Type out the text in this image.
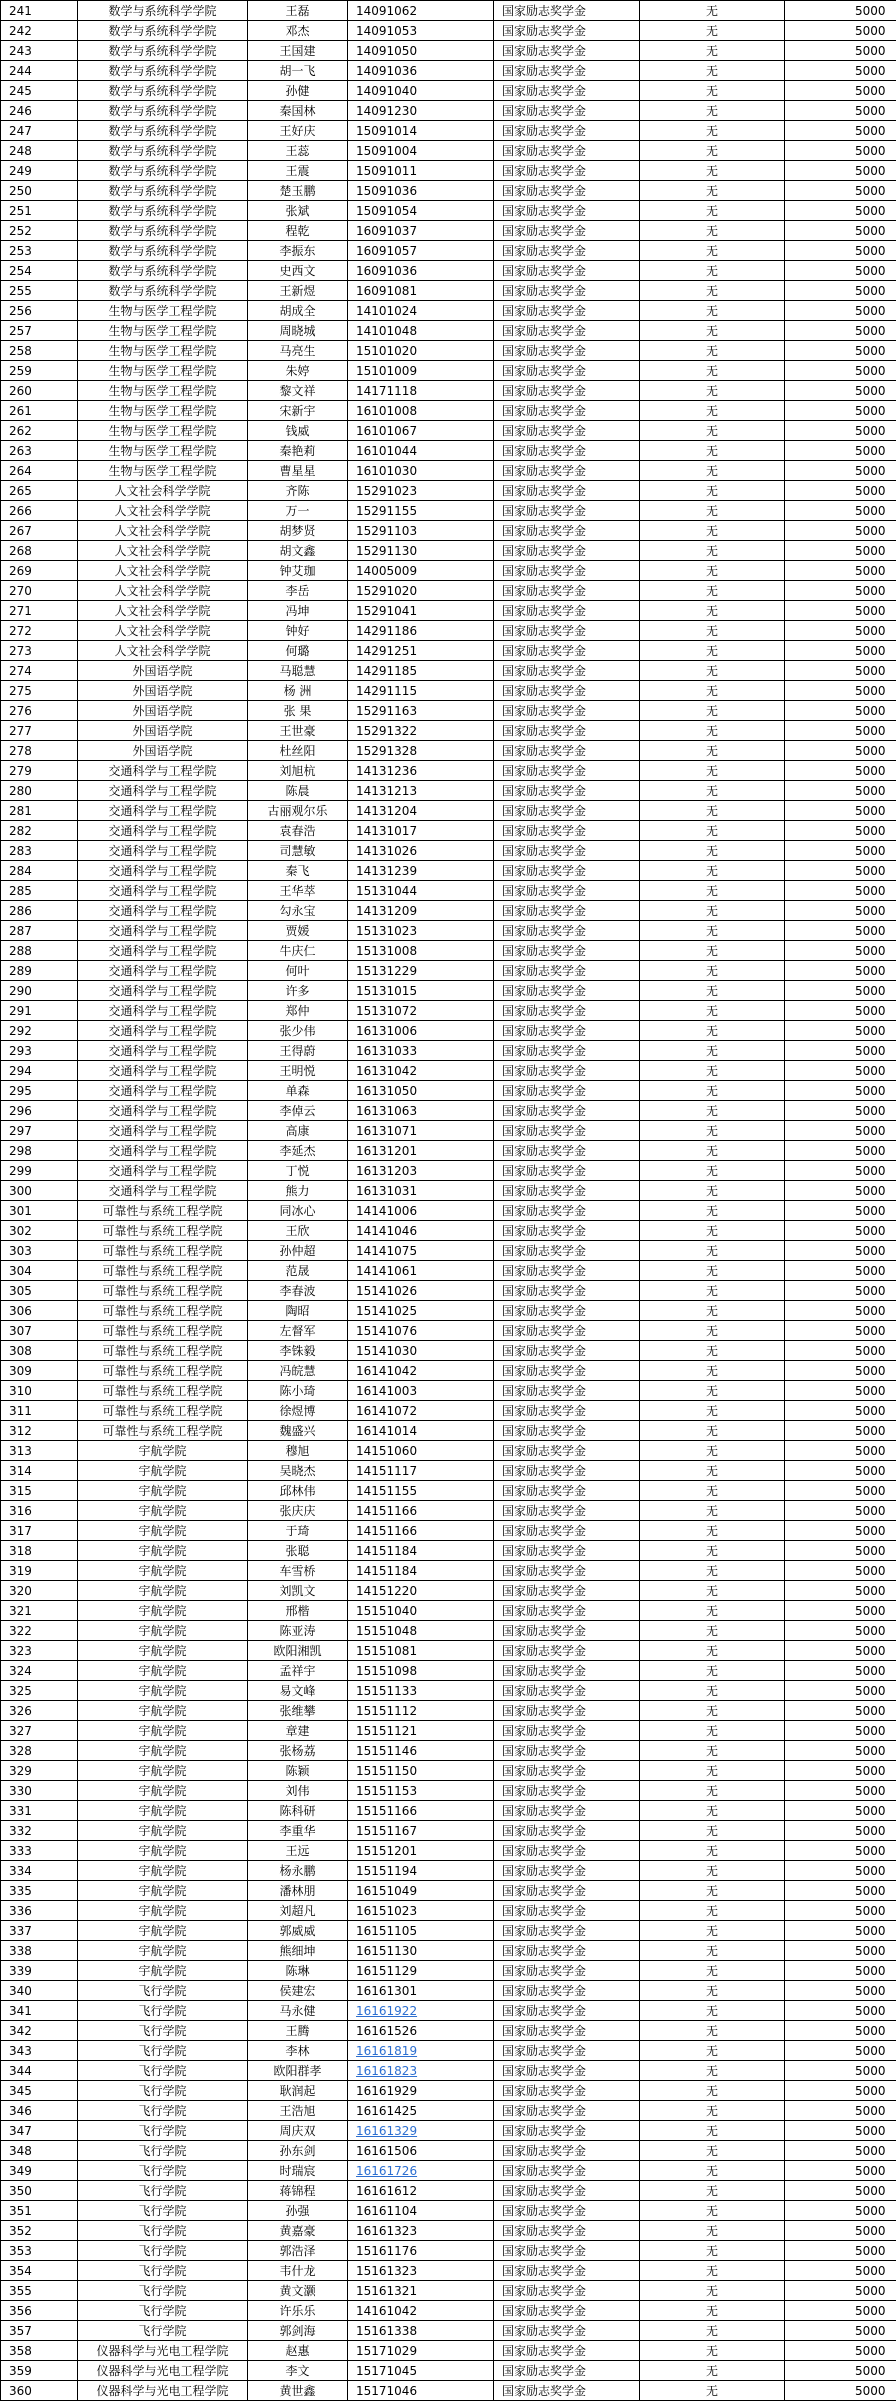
241	数学与系统科学学院	王磊	14091062	国家励志奖学金	无	5000	
242	数学与系统科学学院	邓杰	14091053	国家励志奖学金	无	5000	
243	数学与系统科学学院	王国建	14091050	国家励志奖学金	无	5000	
244	数学与系统科学学院	胡一飞	14091036	国家励志奖学金	无	5000	
245	数学与系统科学学院	孙健	14091040	国家励志奖学金	无	5000	
246	数学与系统科学学院	秦国林	14091230	国家励志奖学金	无	5000	
247	数学与系统科学学院	王好庆	15091014	国家励志奖学金	无	5000	
248	数学与系统科学学院	王蕊	15091004	国家励志奖学金	无	5000	
249	数学与系统科学学院	王震	15091011	国家励志奖学金	无	5000	
250	数学与系统科学学院	楚玉鹏	15091036	国家励志奖学金	无	5000	
251	数学与系统科学学院	张斌	15091054	国家励志奖学金	无	5000	
252	数学与系统科学学院	程乾	16091037	国家励志奖学金	无	5000	
253	数学与系统科学学院	李振东	16091057	国家励志奖学金	无	5000	
254	数学与系统科学学院	史西文	16091036	国家励志奖学金	无	5000	
255	数学与系统科学学院	王新煜	16091081	国家励志奖学金	无	5000	
256	生物与医学工程学院	胡成全	14101024	国家励志奖学金	无	5000	
257	生物与医学工程学院	周晓城	14101048	国家励志奖学金	无	5000	
258	生物与医学工程学院	马亮生	15101020	国家励志奖学金	无	5000	
259	生物与医学工程学院	朱婷	15101009	国家励志奖学金	无	5000	
260	生物与医学工程学院	黎文祥	14171118	国家励志奖学金	无	5000	
261	生物与医学工程学院	宋新宇	16101008	国家励志奖学金	无	5000	
262	生物与医学工程学院	钱威	16101067	国家励志奖学金	无	5000	
263	生物与医学工程学院	秦艳莉	16101044	国家励志奖学金	无	5000	
264	生物与医学工程学院	曹星星	16101030	国家励志奖学金	无	5000	
265	人文社会科学学院	齐陈	15291023	国家励志奖学金	无	5000	
266	人文社会科学学院	万一	15291155	国家励志奖学金	无	5000	
267	人文社会科学学院	胡梦贤	15291103	国家励志奖学金	无	5000	
268	人文社会科学学院	胡文鑫	15291130	国家励志奖学金	无	5000	
269	人文社会科学学院	钟艾珈	14005009	国家励志奖学金	无	5000	
270	人文社会科学学院	李岳	15291020	国家励志奖学金	无	5000	
271	人文社会科学学院	冯坤	15291041	国家励志奖学金	无	5000	
272	人文社会科学学院	钟好	14291186	国家励志奖学金	无	5000	
273	人文社会科学学院	何璐	14291251	国家励志奖学金	无	5000	
274	外国语学院	马聪慧	14291185	国家励志奖学金	无	5000	
275	外国语学院	杨 洲	14291115	国家励志奖学金	无	5000	
276	外国语学院	张 果	15291163	国家励志奖学金	无	5000	
277	外国语学院	王世豪	15291322	国家励志奖学金	无	5000	
278	外国语学院	杜丝阳	15291328	国家励志奖学金	无	5000	
279	交通科学与工程学院	刘旭杭	14131236	国家励志奖学金	无	5000	
280	交通科学与工程学院	陈晨	14131213	国家励志奖学金	无	5000	
281	交通科学与工程学院	古丽观尔乐	14131204	国家励志奖学金	无	5000	
282	交通科学与工程学院	袁春浩	14131017	国家励志奖学金	无	5000	
283	交通科学与工程学院	司慧敏	14131026	国家励志奖学金	无	5000	
284	交通科学与工程学院	秦飞	14131239	国家励志奖学金	无	5000	
285	交通科学与工程学院	王华萃	15131044	国家励志奖学金	无	5000	
286	交通科学与工程学院	勾永宝	14131209	国家励志奖学金	无	5000	
287	交通科学与工程学院	贾媛	15131023	国家励志奖学金	无	5000	
288	交通科学与工程学院	牛庆仁	15131008	国家励志奖学金	无	5000	
289	交通科学与工程学院	何叶	15131229	国家励志奖学金	无	5000	
290	交通科学与工程学院	许多	15131015	国家励志奖学金	无	5000	
291	交通科学与工程学院	郑仲	15131072	国家励志奖学金	无	5000	
292	交通科学与工程学院	张少伟	16131006	国家励志奖学金	无	5000	
293	交通科学与工程学院	王得蔚	16131033	国家励志奖学金	无	5000	
294	交通科学与工程学院	王明悦	16131042	国家励志奖学金	无	5000	
295	交通科学与工程学院	单森	16131050	国家励志奖学金	无	5000	
296	交通科学与工程学院	李倬云	16131063	国家励志奖学金	无	5000	
297	交通科学与工程学院	高康	16131071	国家励志奖学金	无	5000	
298	交通科学与工程学院	李延杰	16131201	国家励志奖学金	无	5000	
299	交通科学与工程学院	丁悦	16131203	国家励志奖学金	无	5000	
300	交通科学与工程学院	熊力	16131031	国家励志奖学金	无	5000	
301	可靠性与系统工程学院	同冰心	14141006	国家励志奖学金	无	5000	
302	可靠性与系统工程学院	王欣	14141046	国家励志奖学金	无	5000	
303	可靠性与系统工程学院	孙仲超	14141075	国家励志奖学金	无	5000	
304	可靠性与系统工程学院	范晟	14141061	国家励志奖学金	无	5000	
305	可靠性与系统工程学院	李春波	15141026	国家励志奖学金	无	5000	
306	可靠性与系统工程学院	陶昭	15141025	国家励志奖学金	无	5000	
307	可靠性与系统工程学院	左督军	15141076	国家励志奖学金	无	5000	
308	可靠性与系统工程学院	李铢毅	15141030	国家励志奖学金	无	5000	
309	可靠性与系统工程学院	冯皖慧	16141042	国家励志奖学金	无	5000	
310	可靠性与系统工程学院	陈小琦	16141003	国家励志奖学金	无	5000	
311	可靠性与系统工程学院	徐煜博	16141072	国家励志奖学金	无	5000	
312	可靠性与系统工程学院	魏盛兴	16141014	国家励志奖学金	无	5000	
313	宇航学院	穆旭	14151060	国家励志奖学金	无	5000	
314	宇航学院	吴晓杰	14151117	国家励志奖学金	无	5000	
315	宇航学院	邱林伟	14151155	国家励志奖学金	无	5000	
316	宇航学院	张庆庆	14151166	国家励志奖学金	无	5000	
317	宇航学院	于琦	14151166	国家励志奖学金	无	5000	
318	宇航学院	张聪	14151184	国家励志奖学金	无	5000	
319	宇航学院	车雪桥	14151184	国家励志奖学金	无	5000	
320	宇航学院	刘凯文	14151220	国家励志奖学金	无	5000	
321	宇航学院	邢楷	15151040	国家励志奖学金	无	5000	
322	宇航学院	陈亚涛	15151048	国家励志奖学金	无	5000	
323	宇航学院	欧阳湘凯	15151081	国家励志奖学金	无	5000	
324	宇航学院	孟祥宇	15151098	国家励志奖学金	无	5000	
325	宇航学院	易文峰	15151133	国家励志奖学金	无	5000	
326	宇航学院	张维攀	15151112	国家励志奖学金	无	5000	
327	宇航学院	章建	15151121	国家励志奖学金	无	5000	
328	宇航学院	张杨荔	15151146	国家励志奖学金	无	5000	
329	宇航学院	陈颖	15151150	国家励志奖学金	无	5000	
330	宇航学院	刘伟	15151153	国家励志奖学金	无	5000	
331	宇航学院	陈科研	15151166	国家励志奖学金	无	5000	
332	宇航学院	李重华	15151167	国家励志奖学金	无	5000	
333	宇航学院	王远	15151201	国家励志奖学金	无	5000	
334	宇航学院	杨永鹏	15151194	国家励志奖学金	无	5000	
335	宇航学院	潘林朋	16151049	国家励志奖学金	无	5000	
336	宇航学院	刘超凡	16151023	国家励志奖学金	无	5000	
337	宇航学院	郭威威	16151105	国家励志奖学金	无	5000	
338	宇航学院	熊细坤	16151130	国家励志奖学金	无	5000	
339	宇航学院	陈琳	16151129	国家励志奖学金	无	5000	
340	飞行学院	侯建宏	16161301	国家励志奖学金	无	5000	
341	飞行学院	马永健	16161922	国家励志奖学金	无	5000	
342	飞行学院	王腾	16161526	国家励志奖学金	无	5000	
343	飞行学院	李林	16161819	国家励志奖学金	无	5000	
344	飞行学院	欧阳群孝	16161823	国家励志奖学金	无	5000	
345	飞行学院	耿润起	16161929	国家励志奖学金	无	5000	
346	飞行学院	王浩旭	16161425	国家励志奖学金	无	5000	
347	飞行学院	周庆双	16161329	国家励志奖学金	无	5000	
348	飞行学院	孙东剑	16161506	国家励志奖学金	无	5000	
349	飞行学院	时瑞宸	16161726	国家励志奖学金	无	5000	
350	飞行学院	蒋锦程	16161612	国家励志奖学金	无	5000	
351	飞行学院	孙强	16161104	国家励志奖学金	无	5000	
352	飞行学院	黄嘉豪	16161323	国家励志奖学金	无	5000	
353	飞行学院	郭浩泽	15161176	国家励志奖学金	无	5000	
354	飞行学院	韦什龙	15161323	国家励志奖学金	无	5000	
355	飞行学院	黄文灏	15161321	国家励志奖学金	无	5000	
356	飞行学院	许乐乐	14161042	国家励志奖学金	无	5000	
357	飞行学院	郭剑海	15161338	国家励志奖学金	无	5000	
358	仪器科学与光电工程学院	赵惠	15171029	国家励志奖学金	无	5000	
359	仪器科学与光电工程学院	李文	15171045	国家励志奖学金	无	5000	
360	仪器科学与光电工程学院	黄世鑫	15171046	国家励志奖学金	无	5000	
